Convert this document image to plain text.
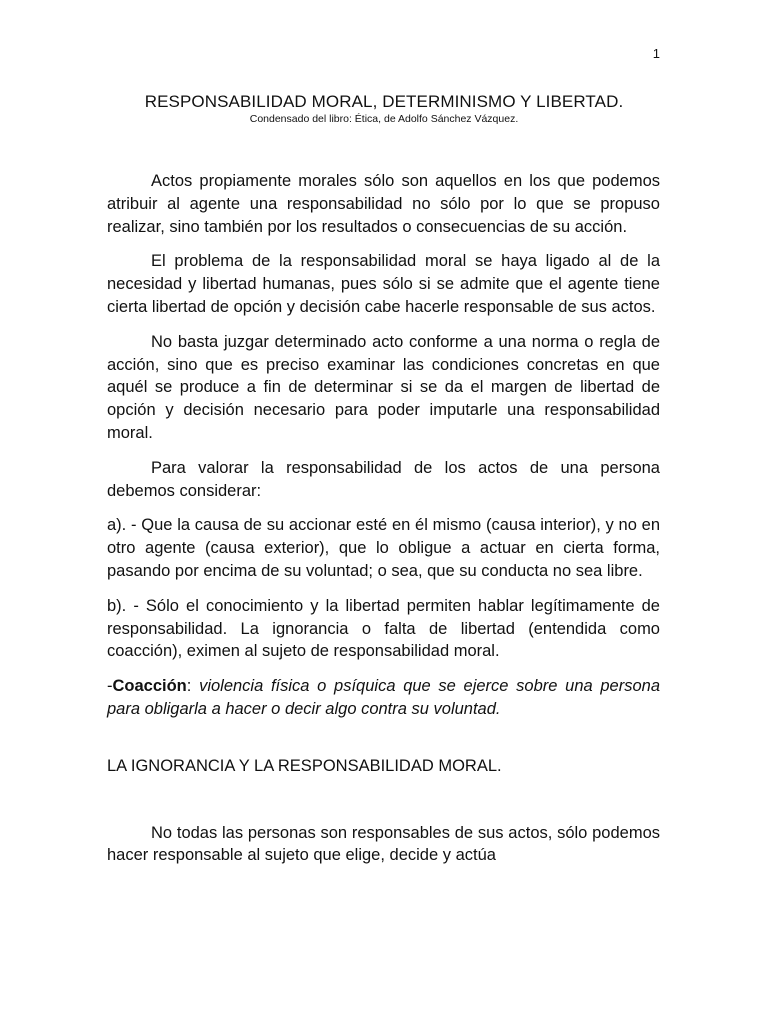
1
RESPONSABILIDAD MORAL, DETERMINISMO Y LIBERTAD.
Condensado del libro: Ética, de Adolfo Sánchez Vázquez.

Actos propiamente morales sólo son aquellos en los que podemos atribuir al agente una responsabilidad no sólo por lo que se propuso realizar, sino también por los resultados o consecuencias de su acción.

El problema de la responsabilidad moral se haya ligado al de la necesidad y libertad humanas, pues sólo si se admite que el agente tiene cierta libertad de opción y decisión cabe hacerle responsable de sus actos.

No basta juzgar determinado acto conforme a una norma o regla de acción, sino que es preciso examinar las condiciones concretas en que aquél se produce a fin de determinar si se da el margen de libertad de opción y decisión necesario para poder imputarle una responsabilidad moral.

Para valorar la responsabilidad de los actos de una persona debemos considerar:

a). - Que la causa de su accionar esté en él mismo (causa interior), y no en otro agente (causa exterior), que lo obligue a actuar en cierta forma, pasando por encima de su voluntad; o sea, que su conducta no sea libre.

b). - Sólo el conocimiento y la libertad permiten hablar legítimamente de responsabilidad. La ignorancia o falta de libertad (entendida como coacción), eximen al sujeto de responsabilidad moral.

-Coacción: violencia física o psíquica que se ejerce sobre una persona para obligarla a hacer o decir algo contra su voluntad.

LA IGNORANCIA Y LA RESPONSABILIDAD MORAL.

No todas las personas son responsables de sus actos, sólo podemos hacer responsable al sujeto que elige, decide y actúa
